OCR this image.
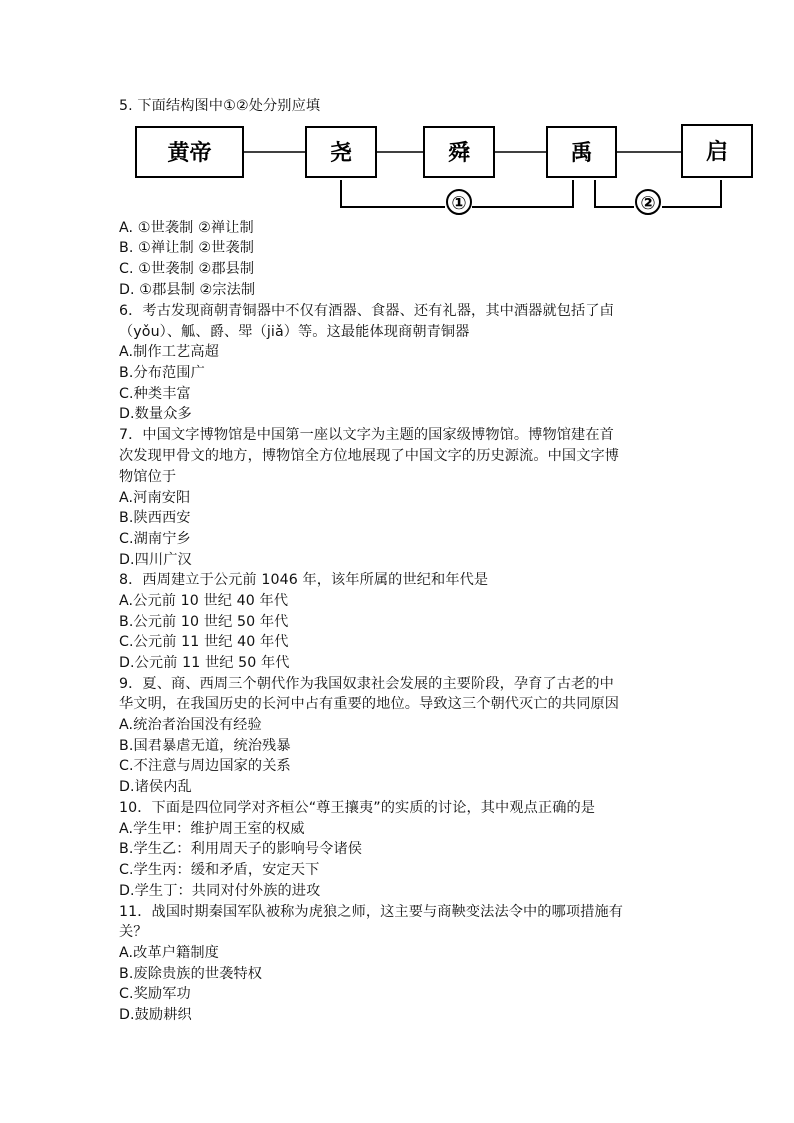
5. 下面结构图中①②处分别应填
黄帝	尧	舜	禹	启
①	②
A. ①世袭制 ②禅让制
B. ①禅让制 ②世袭制
C. ①世袭制 ②郡县制
D. ①郡县制 ②宗法制
6．考古发现商朝青铜器中不仅有酒器、食器、还有礼器，其中酒器就包括了卣
（yǒu）、觚、爵、斝（jiǎ）等。这最能体现商朝青铜器
A.制作工艺高超
B.分布范围广
C.种类丰富
D.数量众多
7．中国文字博物馆是中国第一座以文字为主题的国家级博物馆。博物馆建在首
次发现甲骨文的地方，博物馆全方位地展现了中国文字的历史源流。中国文字博
物馆位于
A.河南安阳
B.陕西西安
C.湖南宁乡
D.四川广汉
8．西周建立于公元前 1046 年，该年所属的世纪和年代是
A.公元前 10 世纪 40 年代
B.公元前 10 世纪 50 年代
C.公元前 11 世纪 40 年代
D.公元前 11 世纪 50 年代
9．夏、商、西周三个朝代作为我国奴隶社会发展的主要阶段，孕育了古老的中
华文明，在我国历史的长河中占有重要的地位。导致这三个朝代灭亡的共同原因
A.统治者治国没有经验
B.国君暴虐无道，统治残暴
C.不注意与周边国家的关系
D.诸侯内乱
10．下面是四位同学对齐桓公“尊王攘夷”的实质的讨论，其中观点正确的是
A.学生甲：维护周王室的权威
B.学生乙：利用周天子的影响号令诸侯
C.学生丙：缓和矛盾，安定天下
D.学生丁：共同对付外族的进攻
11．战国时期秦国军队被称为虎狼之师，这主要与商鞅变法法令中的哪项措施有
关？
A.改革户籍制度
B.废除贵族的世袭特权
C.奖励军功
D.鼓励耕织
